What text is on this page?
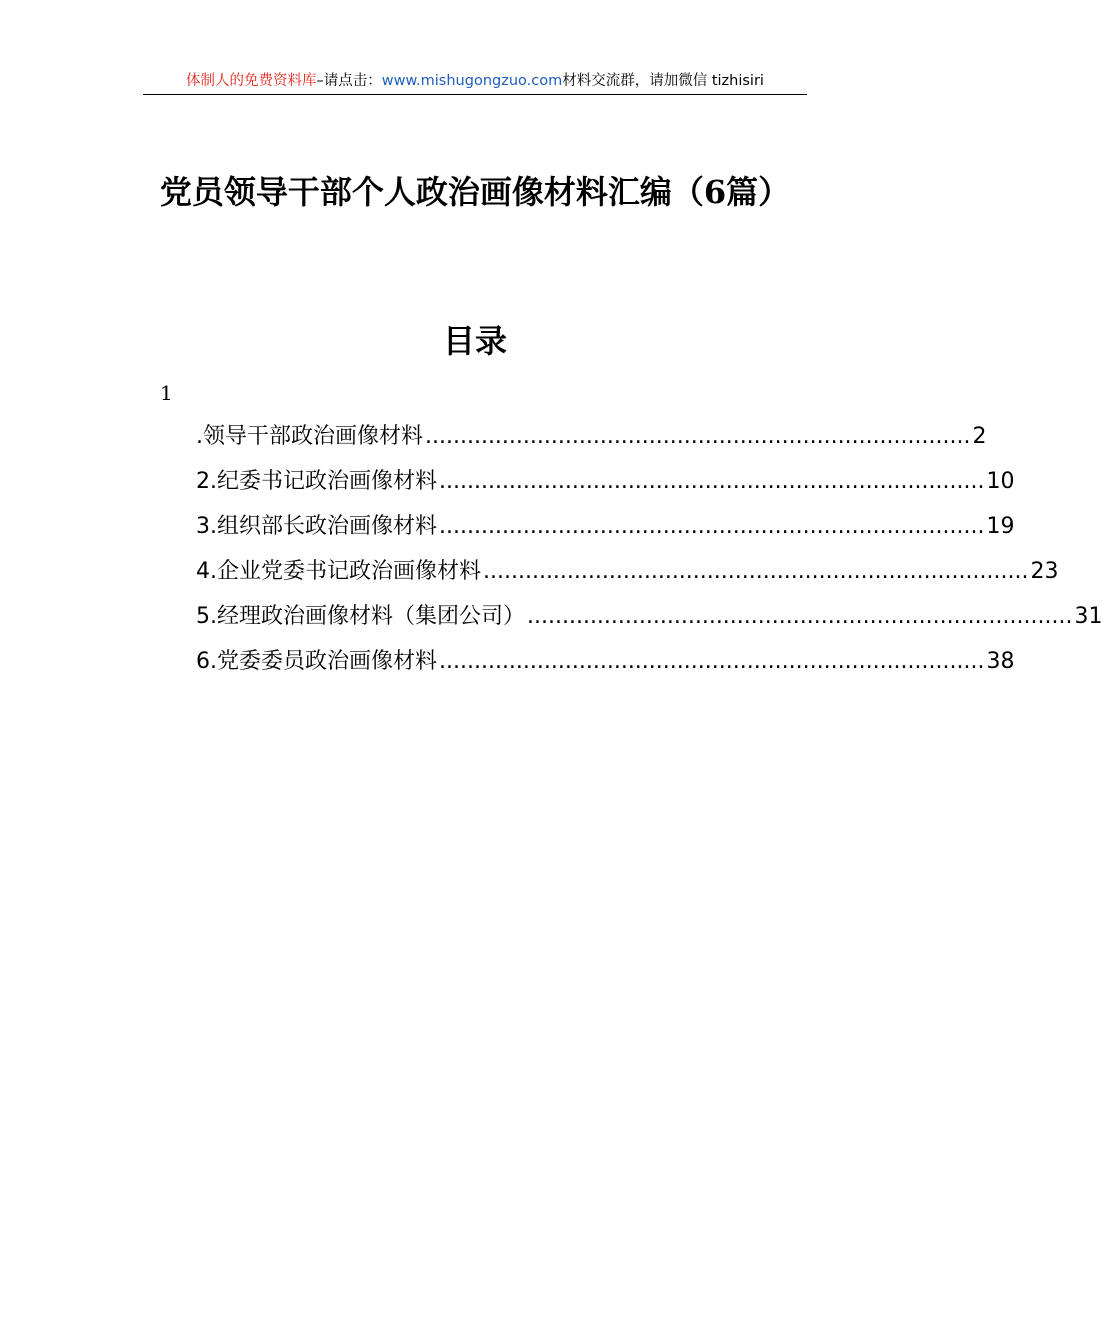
体制人的免费资料库–请点击：www.mishugongzuo.com材料交流群，请加微信 tizhisiri
党员领导干部个人政治画像材料汇编（6篇）
目录
1
.领导干部政治画像材料 .............................................................................. 2
2.纪委书记政治画像材料 .............................................................................. 10
3.组织部长政治画像材料 .............................................................................. 19
4.企业党委书记政治画像材料 .............................................................................. 23
5.经理政治画像材料（集团公司） .............................................................................. 31
6.党委委员政治画像材料 .............................................................................. 38
